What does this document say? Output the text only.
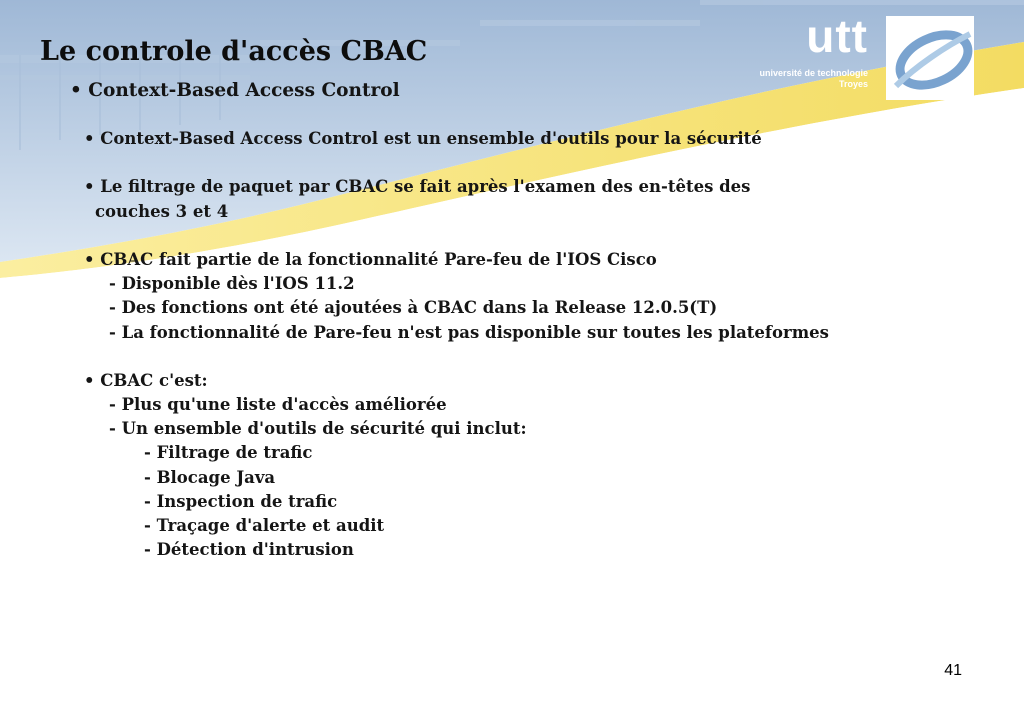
utt
université de technologie
Troyes
Le controle d'accès CBAC
• Context-Based Access Control
• Context-Based Access Control est un ensemble d'outils pour la sécurité
• Le filtrage de paquet par CBAC se fait après l'examen des en-têtes des
couches 3 et 4
• CBAC fait partie de la fonctionnalité Pare-feu de l'IOS Cisco
- Disponible dès l'IOS 11.2
- Des fonctions ont été ajoutées à CBAC dans la Release 12.0.5(T)
- La fonctionnalité de Pare-feu n'est pas disponible sur toutes les plateformes
• CBAC c'est:
- Plus qu'une liste d'accès améliorée
- Un ensemble d'outils de sécurité qui inclut:
- Filtrage de trafic
- Blocage Java
- Inspection de trafic
- Traçage d'alerte et audit
- Détection d'intrusion
41
